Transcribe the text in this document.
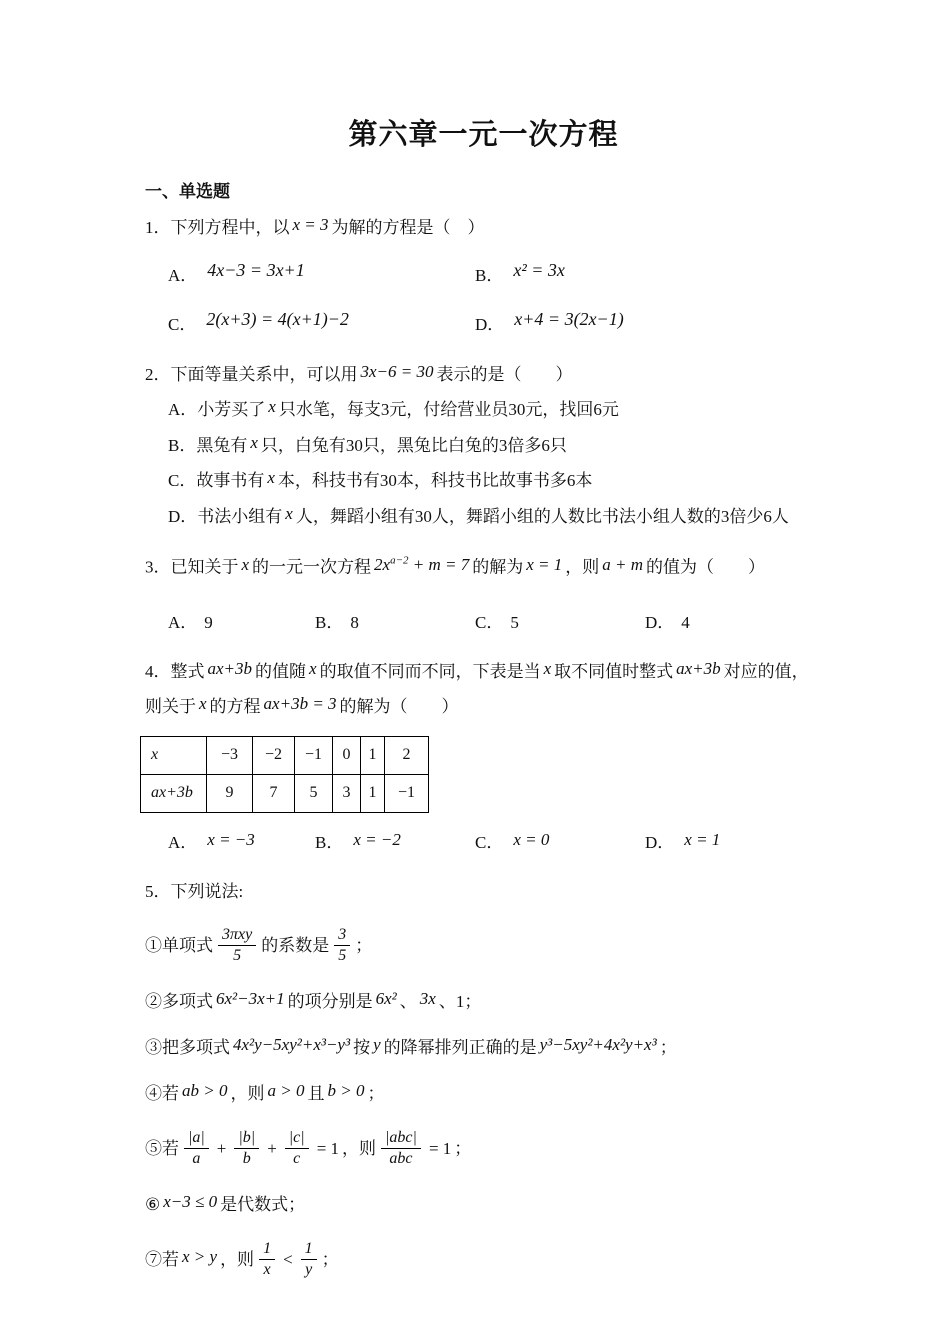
第六章一元一次方程
一、单选题
1．下列方程中，以 x = 3 为解的方程是（　）
A． 4x−3 = 3x+1	B． x² = 3x
C． 2(x+3) = 4(x+1)−2	D． x+4 = 3(2x−1)
2．下面等量关系中，可以用 3x−6 = 30 表示的是（　　）
A．小芳买了 x 只水笔，每支3元，付给营业员30元，找回6元
B．黑兔有 x 只，白兔有30只，黑兔比白兔的3倍多6只
C．故事书有 x 本，科技书有30本，科技书比故事书多6本
D．书法小组有 x 人，舞蹈小组有30人，舞蹈小组的人数比书法小组人数的3倍少6人
3．已知关于 x 的一元一次方程 $2x^{a-2} + m = 7$ 的解为 x = 1 ，则 a + m 的值为（　　）
A． 9	B． 8	C． 5	D． 4
4．整式 ax+3b 的值随 x 的取值不同而不同，下表是当 x 取不同值时整式 ax+3b 对应的值，
则关于 x 的方程 ax+3b = 3 的解为（　　）
x	−3	−2	−1	0	1	2
ax+3b	9	7	5	3	1	−1
A． x = −3	B． x = −2	C． x = 0	D． x = 1
5．下列说法:
①单项式 $\frac{\text{3πxy}}{5}$ 的系数是 $\frac{3}{5}$ ；
②多项式 6x²−3x+1 的项分别是 6x² 、 3x 、1；
③把多项式 4x²y−5xy²+x³−y³ 按 y 的降幂排列正确的是 y³−5xy²+4x²y+x³ ；
④若 ab > 0 ，则 a > 0 且 b > 0 ；
⑤若 $\frac{|a|}{a} + \frac{|b|}{b} + \frac{|c|}{c} = 1$ ，则 $\frac{\text{|abc|}}{\text{abc}} = 1$ ；
⑥ x−3 ≤ 0 是代数式；
⑦若 x > y ，则 $\frac{1}{x} < \frac{1}{y}$ ；
